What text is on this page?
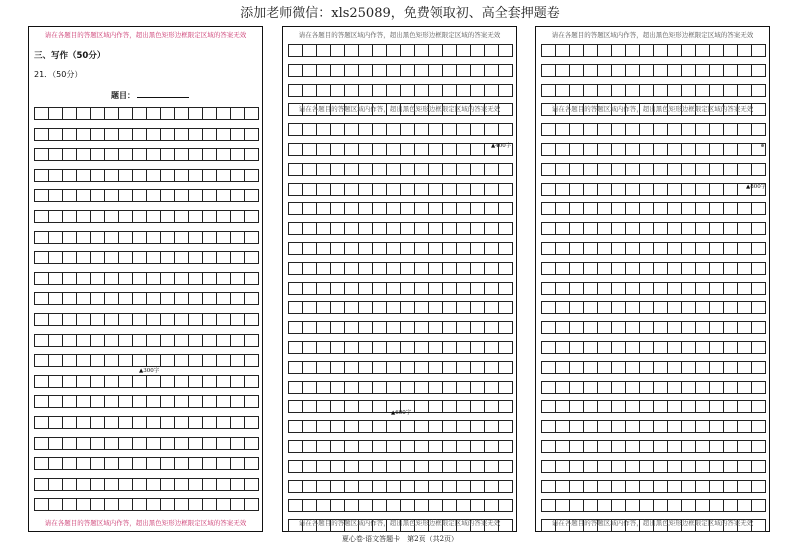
添加老师微信：xls25089，免费领取初、高全套押题卷
请在各题目的答题区域内作答，超出黑色矩形边框限定区域的答案无效
三、写作（50分）
21．（50分）
题目：
▲300字
请在各题目的答题区域内作答，超出黑色矩形边框限定区域的答案无效
请在各题目的答题区域内作答，超出黑色矩形边框限定区域的答案无效
请在各题目的答题区域内作答，超出黑色矩形边框限定区域的答案无效
▲400字
▲600字
请在各题目的答题区域内作答，超出黑色矩形边框限定区域的答案无效
请在各题目的答题区域内作答，超出黑色矩形边框限定区域的答案无效
请在各题目的答题区域内作答，超出黑色矩形边框限定区域的答案无效
▲800字
请在各题目的答题区域内作答，超出黑色矩形边框限定区域的答案无效
夏心卷·语文答题卡　第2页（共2页）
